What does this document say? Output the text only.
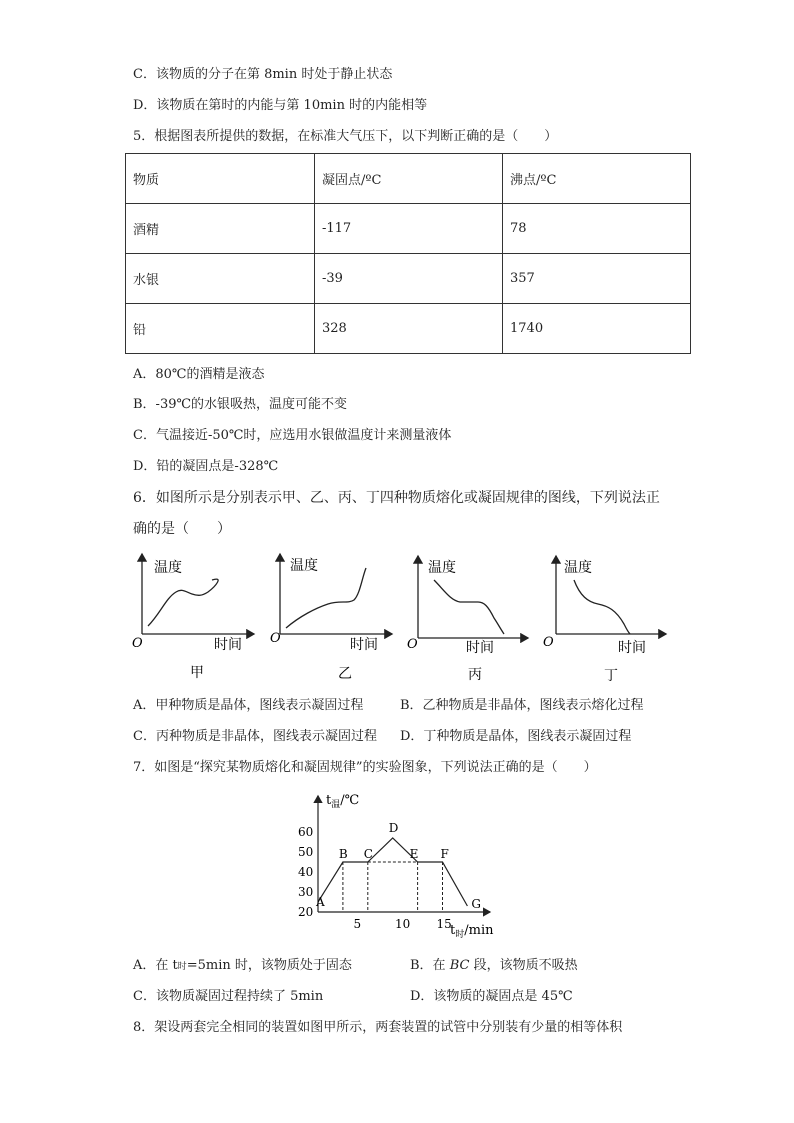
C．该物质的分子在第 8min 时处于静止状态
D．该物质在第时的内能与第 10min 时的内能相等
5．根据图表所提供的数据，在标准大气压下，以下判断正确的是（　　）
物质	凝固点/ºC	沸点/ºC
酒精	-117	78
水银	-39	357
铅	328	1740
A．80℃的酒精是液态
B．-39℃的水银吸热，温度可能不变
C．气温接近-50℃时，应选用水银做温度计来测量液体
D．铅的凝固点是-328℃
6．如图所示是分别表示甲、乙、丙、丁四种物质熔化或凝固规律的图线，下列说法正
确的是（　　）
温度
时间
O
甲
温度
时间
O
乙
温度
时间
O
丙
温度
时间
O
丁
A．甲种物质是晶体，图线表示凝固过程	B．乙种物质是非晶体，图线表示熔化过程
C．丙种物质是非晶体，图线表示凝固过程 D．丁种物质是晶体，图线表示凝固过程
7．如图是“探究某物质熔化和凝固规律”的实验图象，下列说法正确的是（　　）
$t_温/℃$
$t_时/\min$
60
50
40
30
20
5	10 15
A
B C
D
E F
G
A．在 t时=5min 时，该物质处于固态	B．在 BC 段，该物质不吸热
C．该物质凝固过程持续了 5min	D．该物质的凝固点是 45℃
8．架设两套完全相同的装置如图甲所示，两套装置的试管中分别装有少量的相等体积
